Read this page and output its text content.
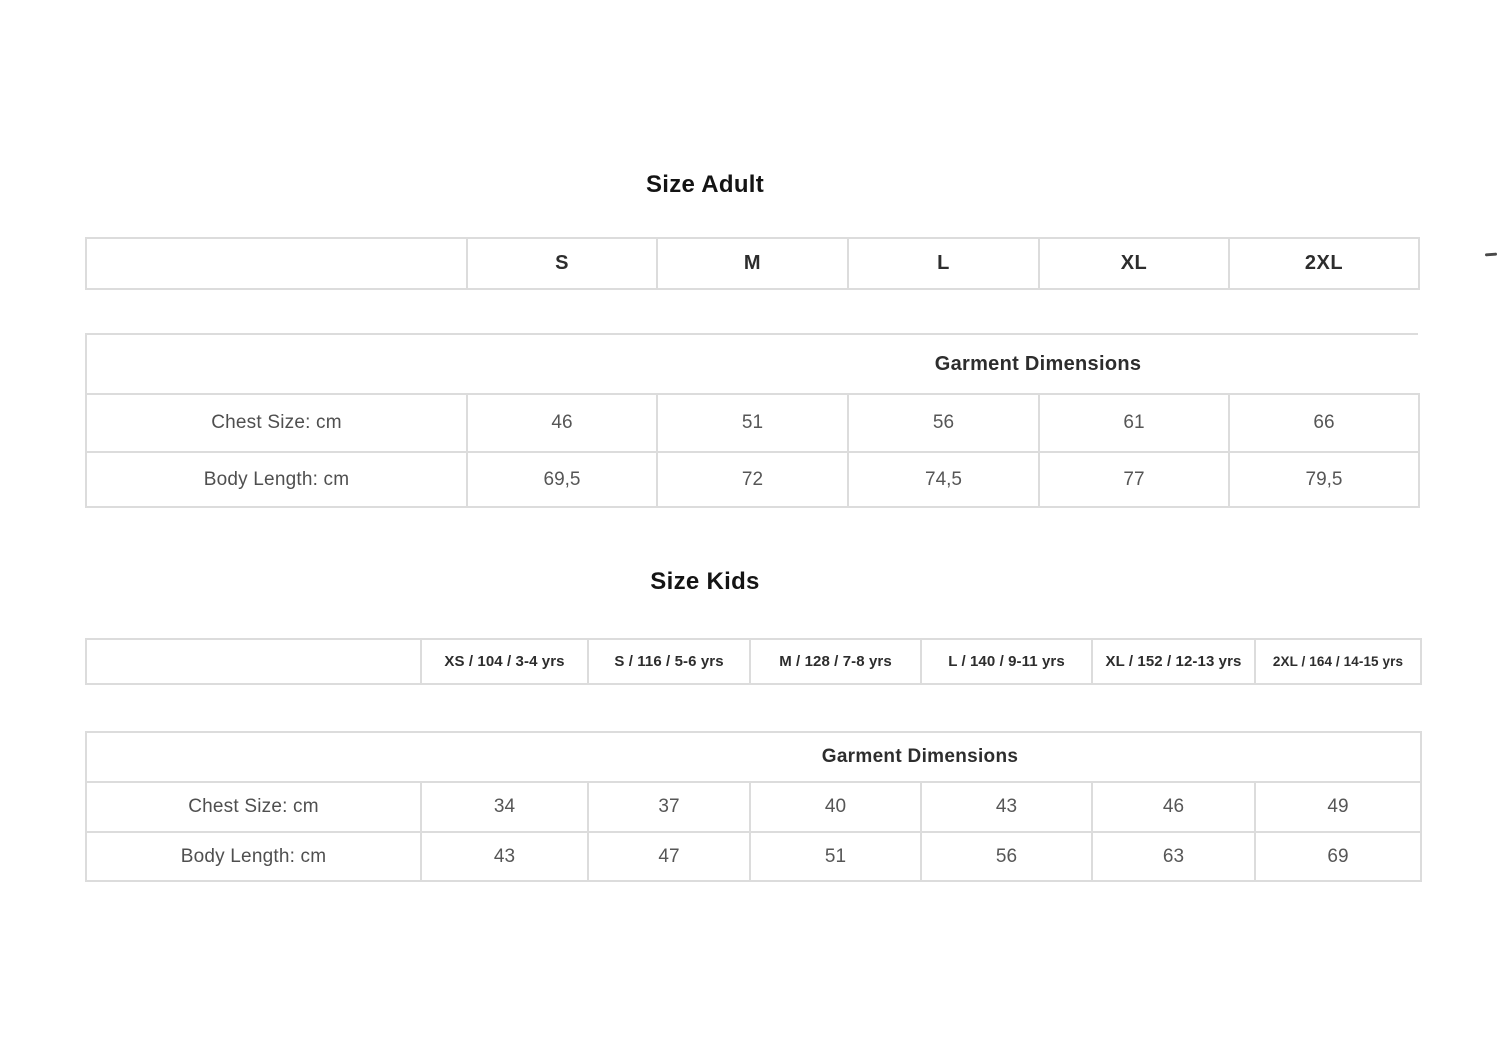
Size Adult
S	M	L	XL	2XL
Garment Dimensions
Chest Size: cm	46	51	56	61	66
Body Length: cm	69,5	72	74,5	77	79,5
Size Kids
XS / 104 / 3-4 yrs	S / 116 / 5-6 yrs	M / 128 / 7-8 yrs	L / 140 / 9-11 yrs	XL / 152 / 12-13 yrs	2XL / 164 / 14-15 yrs
Garment Dimensions
Chest Size: cm	34	37	40	43	46	49
Body Length: cm	43	47	51	56	63	69
